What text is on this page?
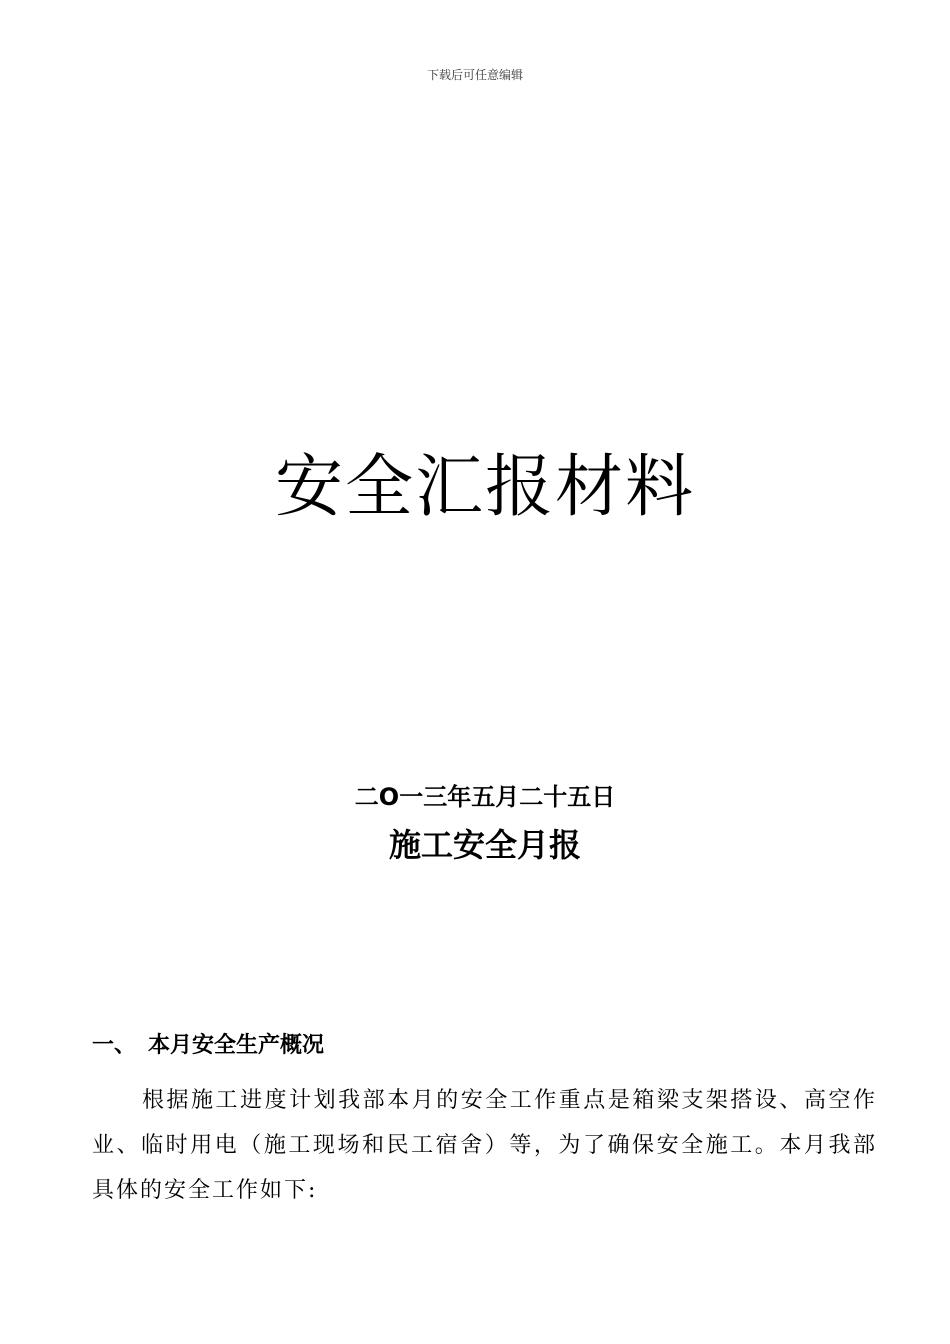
下载后可任意编辑
安全汇报材料
二O一三年五月二十五日
施工安全月报
一、 本月安全生产概况

根据施工进度计划我部本月的安全工作重点是箱梁支架搭设、高空作业、临时用电（施工现场和民工宿舍）等，为了确保安全施工。本月我部具体的安全工作如下:
